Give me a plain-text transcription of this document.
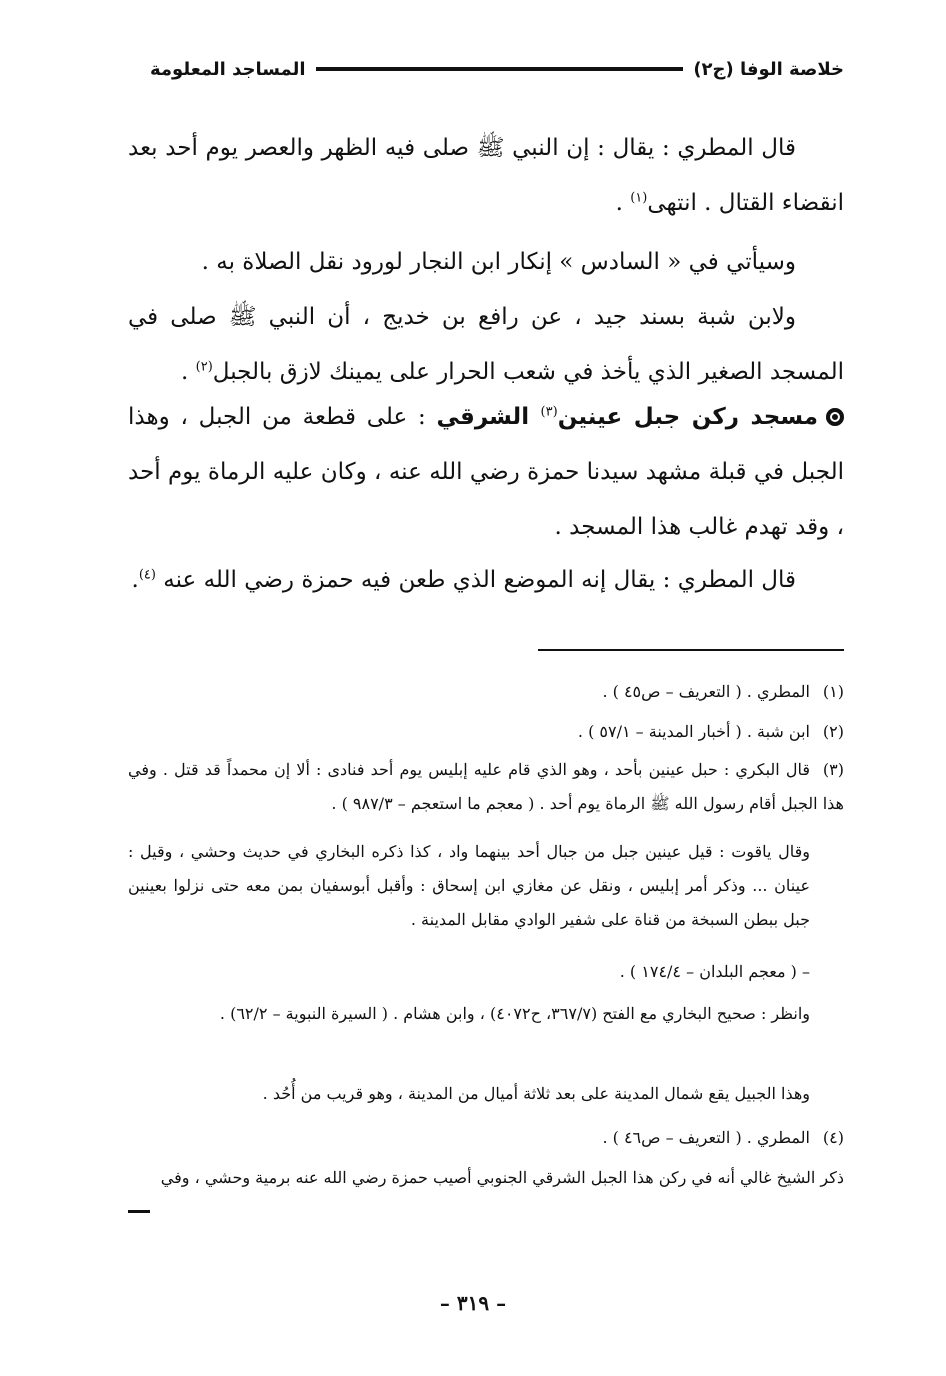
خلاصة الوفا (ج٢)
المساجد المعلومة
قال المطري : يقال : إن النبي ﷺ صلى فيه الظهر والعصر يوم أحد بعد انقضاء القتال . انتهى$^{(١)}$ .
وسيأتي في « السادس » إنكار ابن النجار لورود نقل الصلاة به .
ولابن شبة بسند جيد ، عن رافع بن خديج ، أن النبي ﷺ صلى في المسجد الصغير الذي يأخذ في شعب الحرار على يمينك لازق بالجبل$^{(٢)}$ .
مسجد ركن جبل عينين$^{(٣)}$ الشرقي : على قطعة من الجبل ، وهذا الجبل في قبلة مشهد سيدنا حمزة رضي الله عنه ، وكان عليه الرماة يوم أحد ، وقد تهدم غالب هذا المسجد .
قال المطري : يقال إنه الموضع الذي طعن فيه حمزة رضي الله عنه $^{(٤)}$.
(١)المطري . ( التعريف – ص٤٥ ) .
(٢)ابن شبة . ( أخبار المدينة – ٥٧/١ ) .
(٣)قال البكري : حبل عينين بأحد ، وهو الذي قام عليه إبليس يوم أحد فنادى : ألا إن محمداً قد قتل . وفي هذا الجبل أقام رسول الله ﷺ الرماة يوم أحد . ( معجم ما استعجم – ٩٨٧/٣ ) .
وقال ياقوت : قيل عينين جبل من جبال أحد بينهما واد ، كذا ذكره البخاري في حديث وحشي ، وقيل : عينان ... وذكر أمر إبليس ، ونقل عن مغازي ابن إسحاق : وأقبل أبوسفيان بمن معه حتى نزلوا بعينين جبل ببطن السبخة من قناة على شفير الوادي مقابل المدينة .
– ( معجم البلدان – ١٧٤/٤ ) .
وانظر : صحيح البخاري مع الفتح (٣٦٧/٧، ح٤٠٧٢) ، وابن هشام . ( السيرة النبوية – ٦٢/٢) .
وهذا الجبيل يقع شمال المدينة على بعد ثلاثة أميال من المدينة ، وهو قريب من أُحُد .
(٤)المطري . ( التعريف – ص٤٦ ) .
ذكر الشيخ غالي أنه في ركن هذا الجبل الشرقي الجنوبي أصيب حمزة رضي الله عنه برمية وحشي ، وفي
– ٣١٩ –
